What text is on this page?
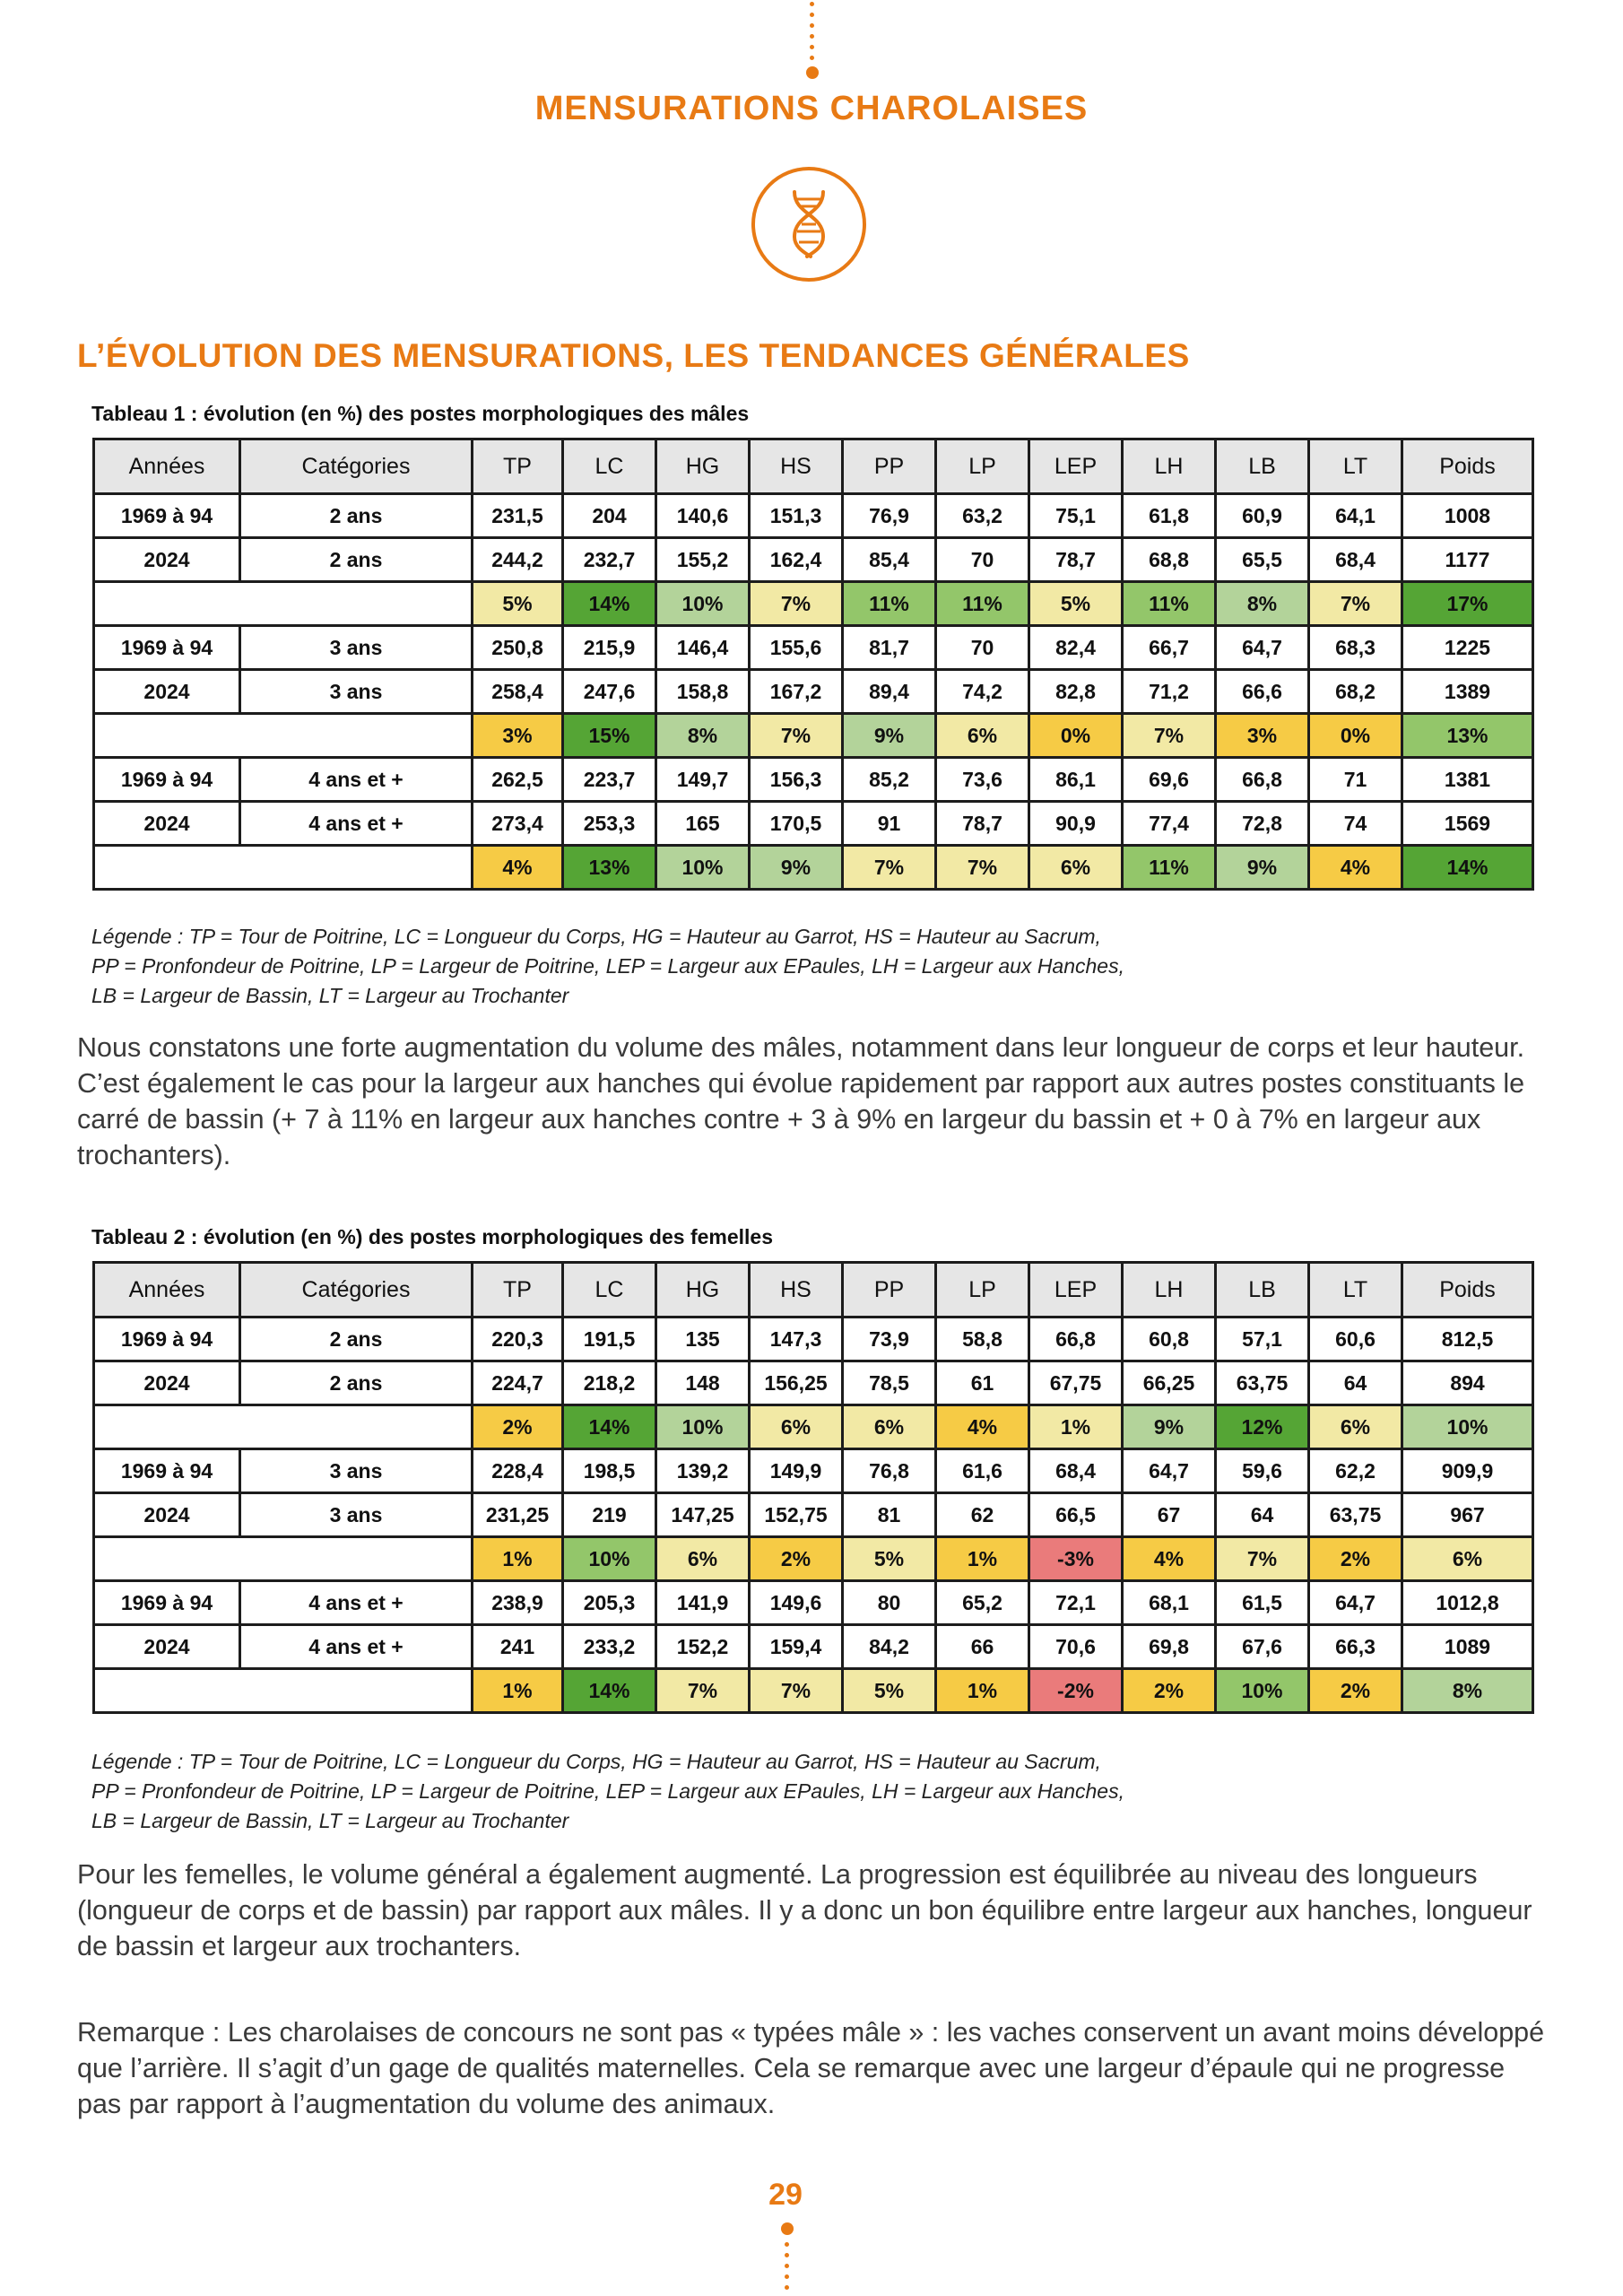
MENSURATIONS CHAROLAISES
L’ÉVOLUTION DES MENSURATIONS, LES TENDANCES GÉNÉRALES
Tableau 1 : évolution (en %) des postes morphologiques des mâles
Années	Catégories	TP	LC	HG	HS	PP	LP	LEP	LH	LB	LT	Poids
1969 à 94	2 ans	231,5	204	140,6	151,3	76,9	63,2	75,1	61,8	60,9	64,1	1008
2024	2 ans	244,2	232,7	155,2	162,4	85,4	70	78,7	68,8	65,5	68,4	1177
		5%	14%	10%	7%	11%	11%	5%	11%	8%	7%	17%
1969 à 94	3 ans	250,8	215,9	146,4	155,6	81,7	70	82,4	66,7	64,7	68,3	1225
2024	3 ans	258,4	247,6	158,8	167,2	89,4	74,2	82,8	71,2	66,6	68,2	1389
		3%	15%	8%	7%	9%	6%	0%	7%	3%	0%	13%
1969 à 94	4 ans et +	262,5	223,7	149,7	156,3	85,2	73,6	86,1	69,6	66,8	71	1381
2024	4 ans et +	273,4	253,3	165	170,5	91	78,7	90,9	77,4	72,8	74	1569
		4%	13%	10%	9%	7%	7%	6%	11%	9%	4%	14%
Légende : TP = Tour de Poitrine, LC = Longueur du Corps, HG = Hauteur au Garrot, HS = Hauteur au Sacrum,
PP = Pronfondeur de Poitrine, LP = Largeur de Poitrine, LEP = Largeur aux EPaules, LH = Largeur aux Hanches,
LB = Largeur de Bassin, LT = Largeur au Trochanter
Nous constatons une forte augmentation du volume des mâles, notamment dans leur longueur de corps et leur hauteur. C’est également le cas pour la largeur aux hanches qui évolue rapidement par rapport aux autres postes constituants le carré de bassin (+ 7 à 11% en largeur aux hanches contre + 3 à 9% en largeur du bassin et + 0 à 7% en largeur aux trochanters).
Tableau 2 : évolution (en %) des postes morphologiques des femelles
Années	Catégories	TP	LC	HG	HS	PP	LP	LEP	LH	LB	LT	Poids
1969 à 94	2 ans	220,3	191,5	135	147,3	73,9	58,8	66,8	60,8	57,1	60,6	812,5
2024	2 ans	224,7	218,2	148	156,25	78,5	61	67,75	66,25	63,75	64	894
		2%	14%	10%	6%	6%	4%	1%	9%	12%	6%	10%
1969 à 94	3 ans	228,4	198,5	139,2	149,9	76,8	61,6	68,4	64,7	59,6	62,2	909,9
2024	3 ans	231,25	219	147,25	152,75	81	62	66,5	67	64	63,75	967
		1%	10%	6%	2%	5%	1%	-3%	4%	7%	2%	6%
1969 à 94	4 ans et +	238,9	205,3	141,9	149,6	80	65,2	72,1	68,1	61,5	64,7	1012,8
2024	4 ans et +	241	233,2	152,2	159,4	84,2	66	70,6	69,8	67,6	66,3	1089
		1%	14%	7%	7%	5%	1%	-2%	2%	10%	2%	8%
Légende : TP = Tour de Poitrine, LC = Longueur du Corps, HG = Hauteur au Garrot, HS = Hauteur au Sacrum,
PP = Pronfondeur de Poitrine, LP = Largeur de Poitrine, LEP = Largeur aux EPaules, LH = Largeur aux Hanches,
LB = Largeur de Bassin, LT = Largeur au Trochanter
Pour les femelles, le volume général a également augmenté. La progression est équilibrée au niveau des longueurs (longueur de corps et de bassin) par rapport aux mâles. Il y a donc un bon équilibre entre largeur aux hanches, longueur de bassin et largeur aux trochanters.
Remarque : Les charolaises de concours ne sont pas « typées mâle » : les vaches conservent un avant moins développé que l’arrière. Il s’agit d’un gage de qualités maternelles. Cela se remarque avec une largeur d’épaule qui ne progresse pas par rapport à l’augmentation du volume des animaux.
29
